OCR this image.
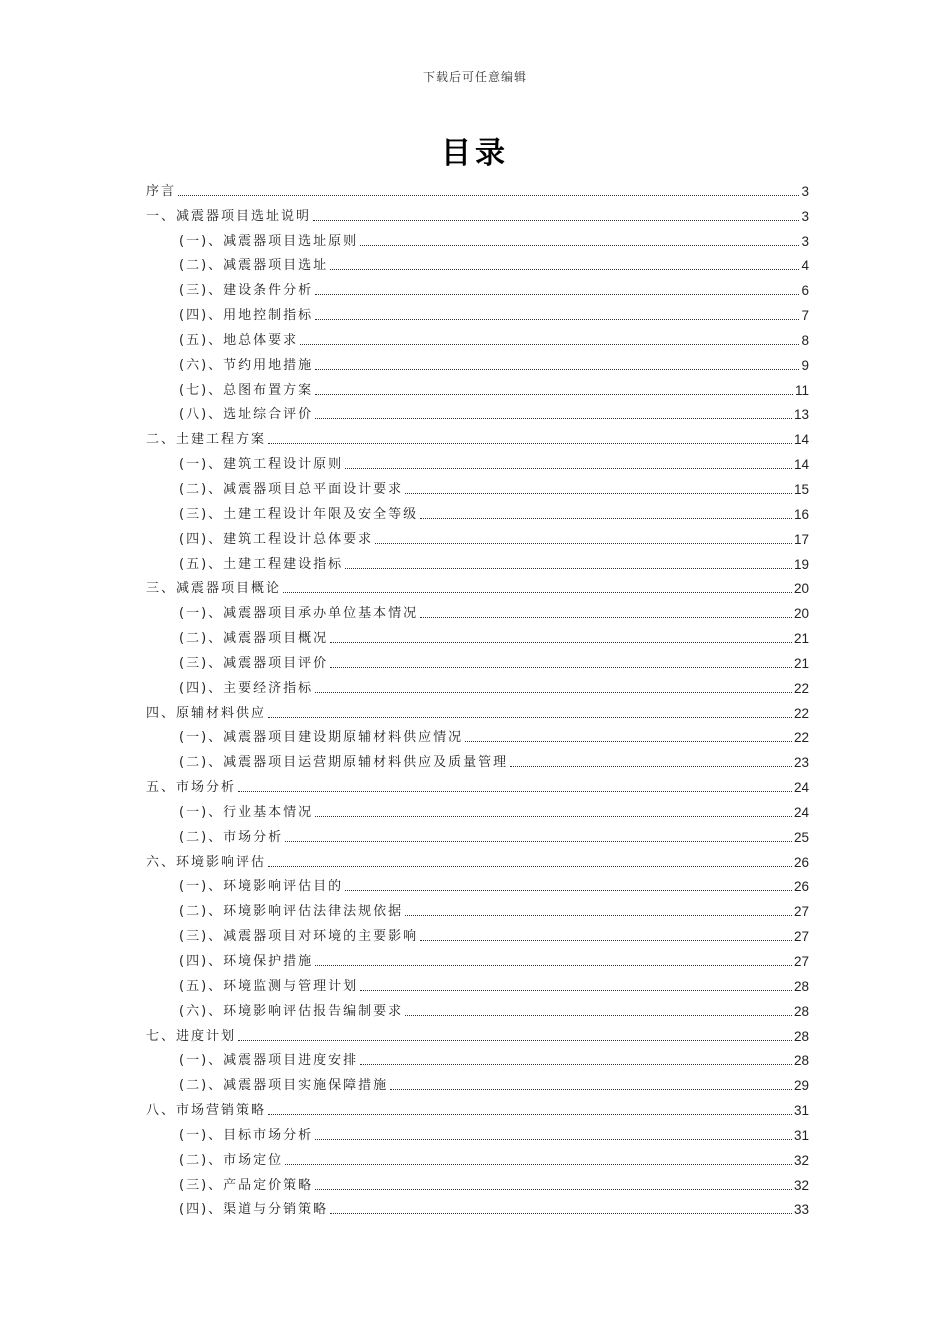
下载后可任意编辑
目录
序言	3
一、减震器项目选址说明	3
(一)、减震器项目选址原则	3
(二)、减震器项目选址	4
(三)、建设条件分析	6
(四)、用地控制指标	7
(五)、地总体要求	8
(六)、节约用地措施	9
(七)、总图布置方案	11
(八)、选址综合评价	13
二、土建工程方案	14
(一)、建筑工程设计原则	14
(二)、减震器项目总平面设计要求	15
(三)、土建工程设计年限及安全等级	16
(四)、建筑工程设计总体要求	17
(五)、土建工程建设指标	19
三、减震器项目概论	20
(一)、减震器项目承办单位基本情况	20
(二)、减震器项目概况	21
(三)、减震器项目评价	21
(四)、主要经济指标	22
四、原辅材料供应	22
(一)、减震器项目建设期原辅材料供应情况	22
(二)、减震器项目运营期原辅材料供应及质量管理	23
五、市场分析	24
(一)、行业基本情况	24
(二)、市场分析	25
六、环境影响评估	26
(一)、环境影响评估目的	26
(二)、环境影响评估法律法规依据	27
(三)、减震器项目对环境的主要影响	27
(四)、环境保护措施	27
(五)、环境监测与管理计划	28
(六)、环境影响评估报告编制要求	28
七、进度计划	28
(一)、减震器项目进度安排	28
(二)、减震器项目实施保障措施	29
八、市场营销策略	31
(一)、目标市场分析	31
(二)、市场定位	32
(三)、产品定价策略	32
(四)、渠道与分销策略	33
